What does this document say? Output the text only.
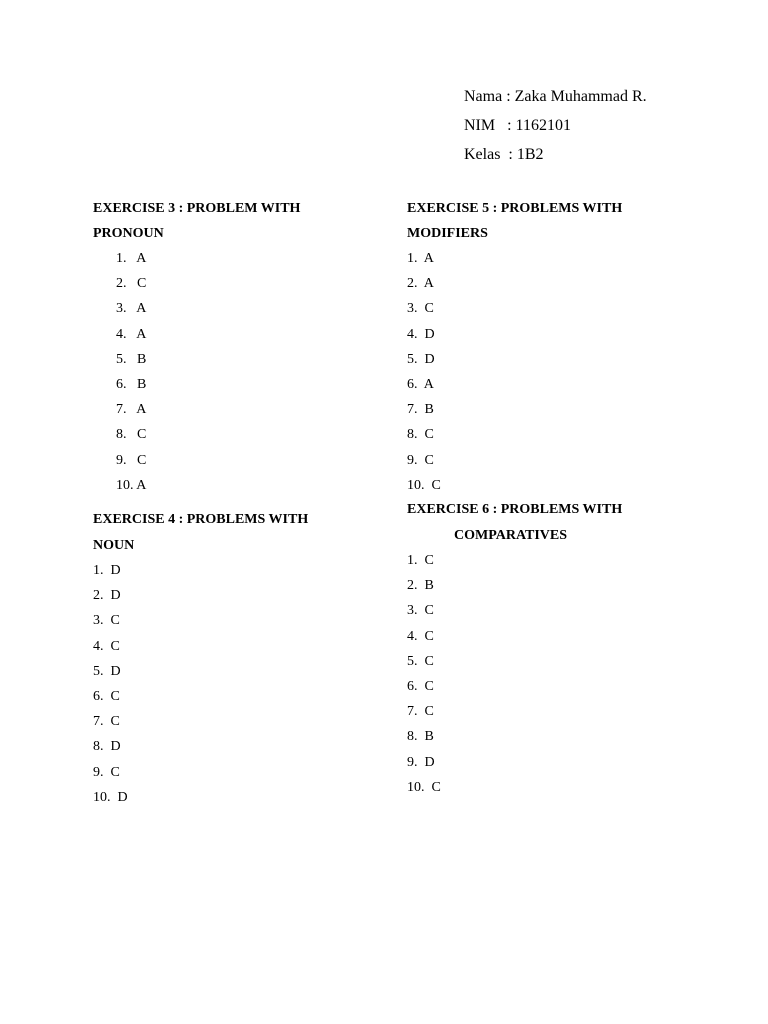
Nama : Zaka Muhammad R.
NIM   : 1162101
Kelas  : 1B2
EXERCISE 3 : PROBLEM WITH
PRONOUN
1.   A
2.   C
3.   A
4.   A
5.   B
6.   B
7.   A
8.   C
9.   C
10. A
EXERCISE 4 : PROBLEMS WITH
NOUN
1.  D
2.  D
3.  C
4.  C
5.  D
6.  C
7.  C
8.  D
9.  C
10.  D
EXERCISE 5 : PROBLEMS WITH
MODIFIERS
1.  A
2.  A
3.  C
4.  D
5.  D
6.  A
7.  B
8.  C
9.  C
10.  C
EXERCISE 6 : PROBLEMS WITH
COMPARATIVES
1.  C
2.  B
3.  C
4.  C
5.  C
6.  C
7.  C
8.  B
9.  D
10.  C
